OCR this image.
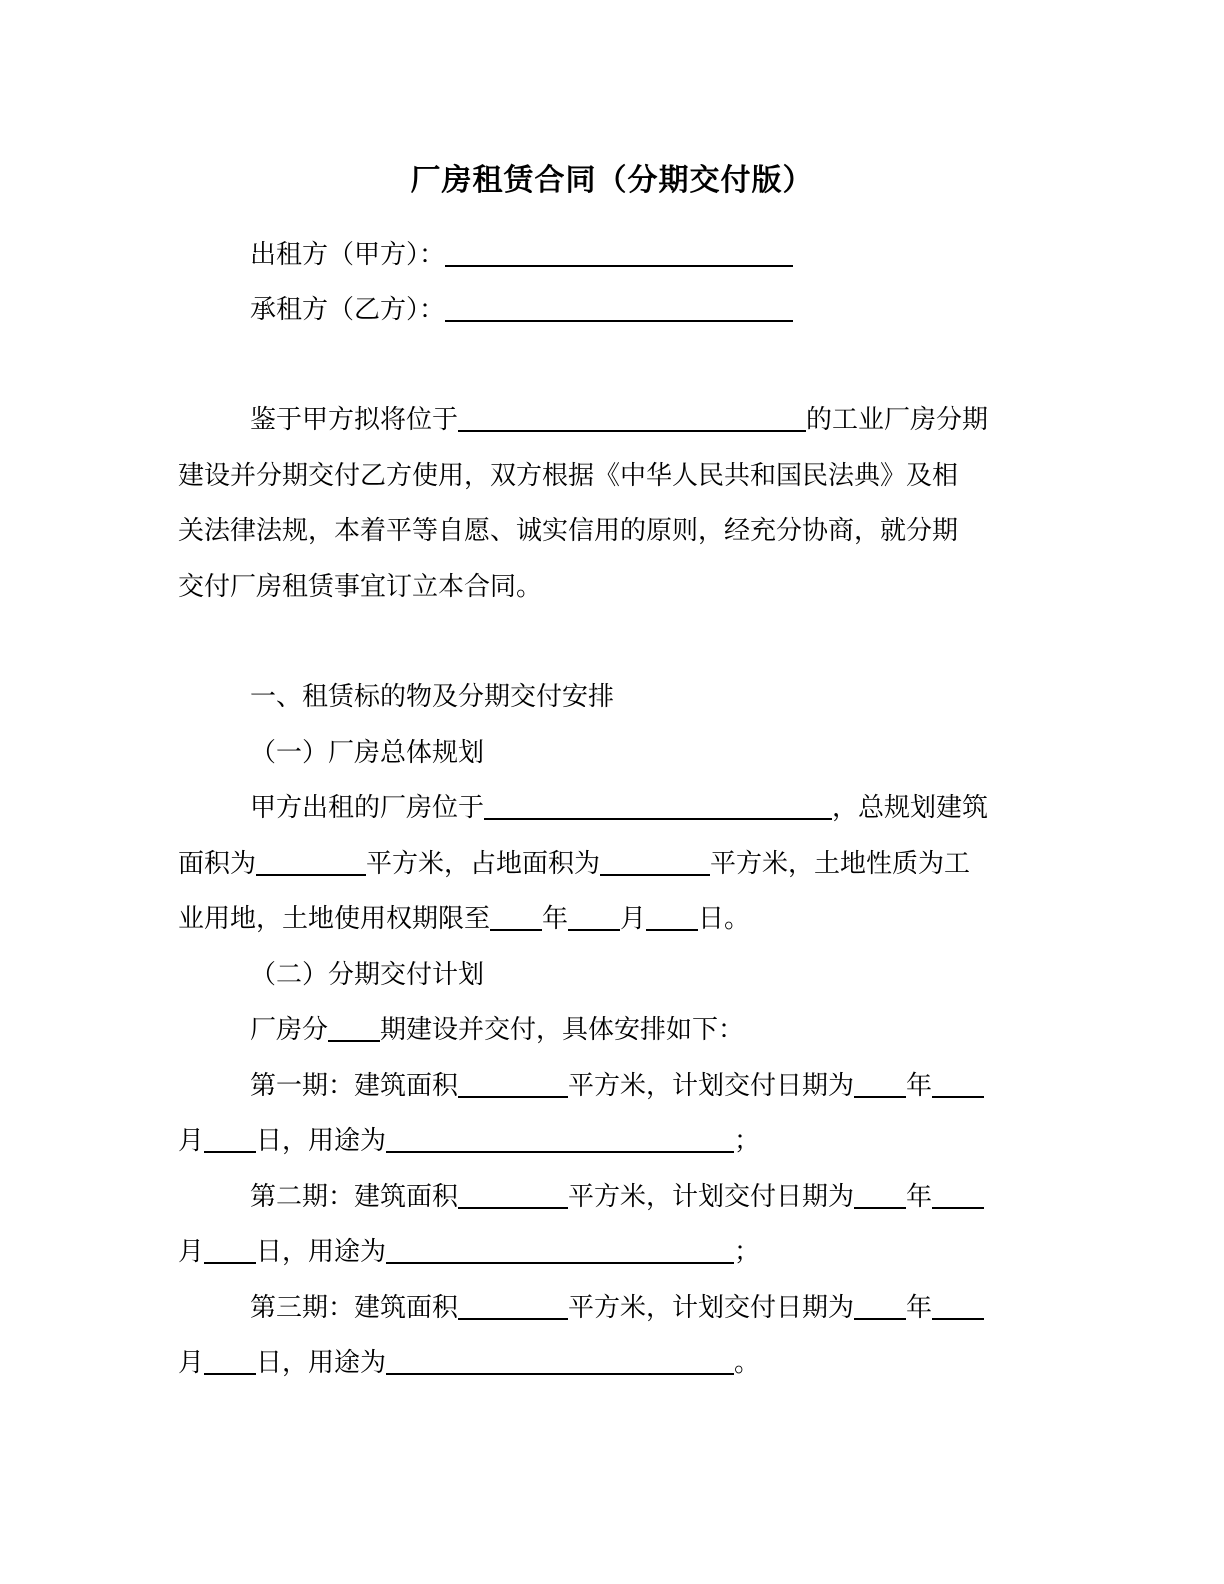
厂房租赁合同（分期交付版）
出租方（甲方）：
承租方（乙方）：
鉴于甲方拟将位于	的工业厂房分期
建设并分期交付乙方使用，双方根据《中华人民共和国民法典》及相
关法律法规，本着平等自愿、诚实信用的原则，经充分协商，就分期
交付厂房租赁事宜订立本合同。
一、租赁标的物及分期交付安排
（一）厂房总体规划
甲方出租的厂房位于	，总规划建筑
面积为	平方米，占地面积为	平方米，土地性质为工
业用地，土地使用权期限至 年 月 日。
（二）分期交付计划
厂房分 期建设并交付，具体安排如下：
第一期：建筑面积	平方米，计划交付日期为 年
月 日，用途为	；
第二期：建筑面积	平方米，计划交付日期为 年
月 日，用途为	；
第三期：建筑面积	平方米，计划交付日期为 年
月 日，用途为	。
